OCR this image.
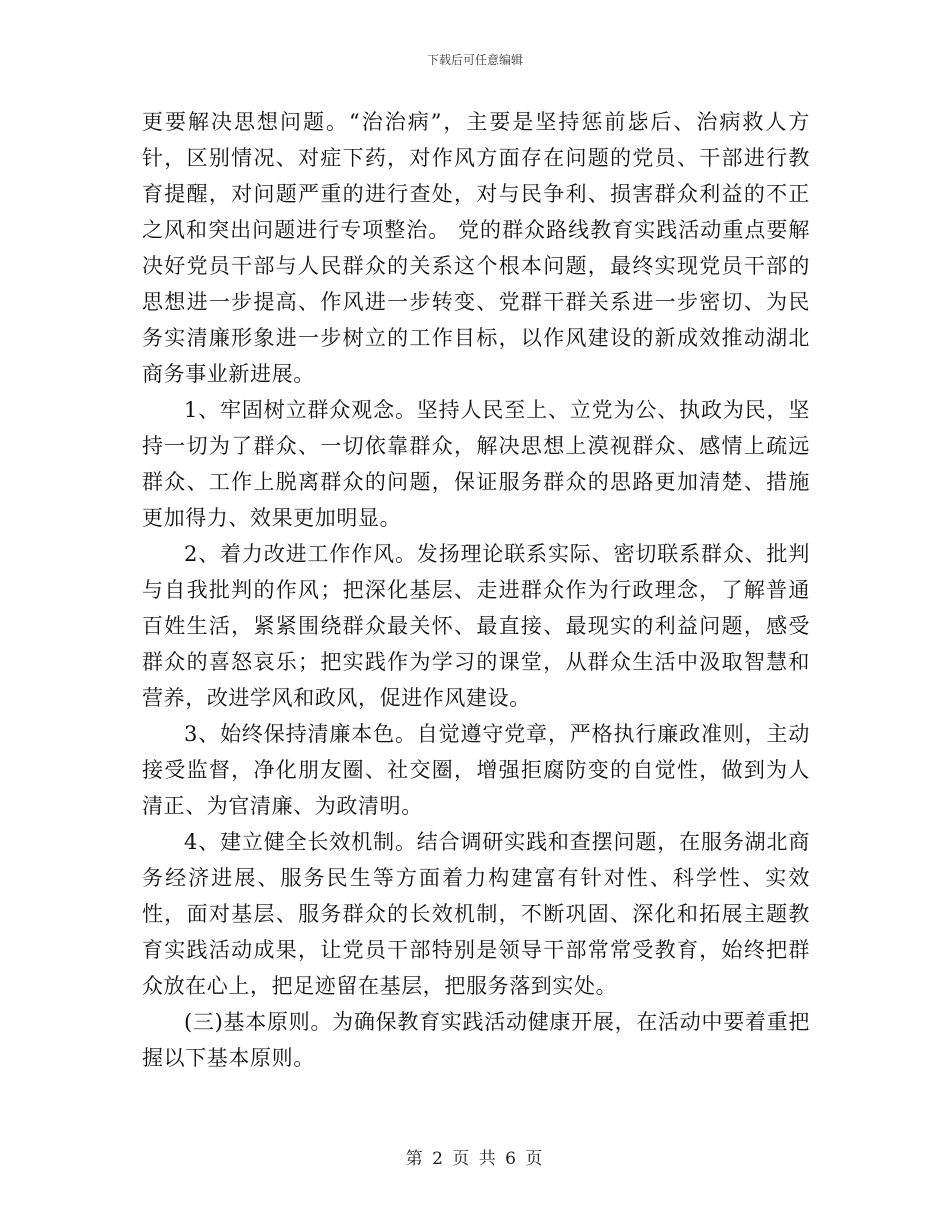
下载后可任意编辑

更要解决思想问题。“治治病”，主要是坚持惩前毖后、治病救人方针，区别情况、对症下药，对作风方面存在问题的党员、干部进行教育提醒，对问题严重的进行查处，对与民争利、损害群众利益的不正之风和突出问题进行专项整治。 党的群众路线教育实践活动重点要解决好党员干部与人民群众的关系这个根本问题，最终实现党员干部的思想进一步提高、作风进一步转变、党群干群关系进一步密切、为民务实清廉形象进一步树立的工作目标，以作风建设的新成效推动湖北商务事业新进展。

1、牢固树立群众观念。坚持人民至上、立党为公、执政为民，坚持一切为了群众、一切依靠群众，解决思想上漠视群众、感情上疏远群众、工作上脱离群众的问题，保证服务群众的思路更加清楚、措施更加得力、效果更加明显。

2、着力改进工作作风。发扬理论联系实际、密切联系群众、批判与自我批判的作风；把深化基层、走进群众作为行政理念，了解普通百姓生活，紧紧围绕群众最关怀、最直接、最现实的利益问题，感受群众的喜怒哀乐；把实践作为学习的课堂，从群众生活中汲取智慧和营养，改进学风和政风，促进作风建设。

3、始终保持清廉本色。自觉遵守党章，严格执行廉政准则，主动接受监督，净化朋友圈、社交圈，增强拒腐防变的自觉性，做到为人清正、为官清廉、为政清明。

4、建立健全长效机制。结合调研实践和查摆问题，在服务湖北商务经济进展、服务民生等方面着力构建富有针对性、科学性、实效性，面对基层、服务群众的长效机制，不断巩固、深化和拓展主题教育实践活动成果，让党员干部特别是领导干部常常受教育，始终把群众放在心上，把足迹留在基层，把服务落到实处。

(三)基本原则。为确保教育实践活动健康开展，在活动中要着重把握以下基本原则。

第 2 页 共 6 页
